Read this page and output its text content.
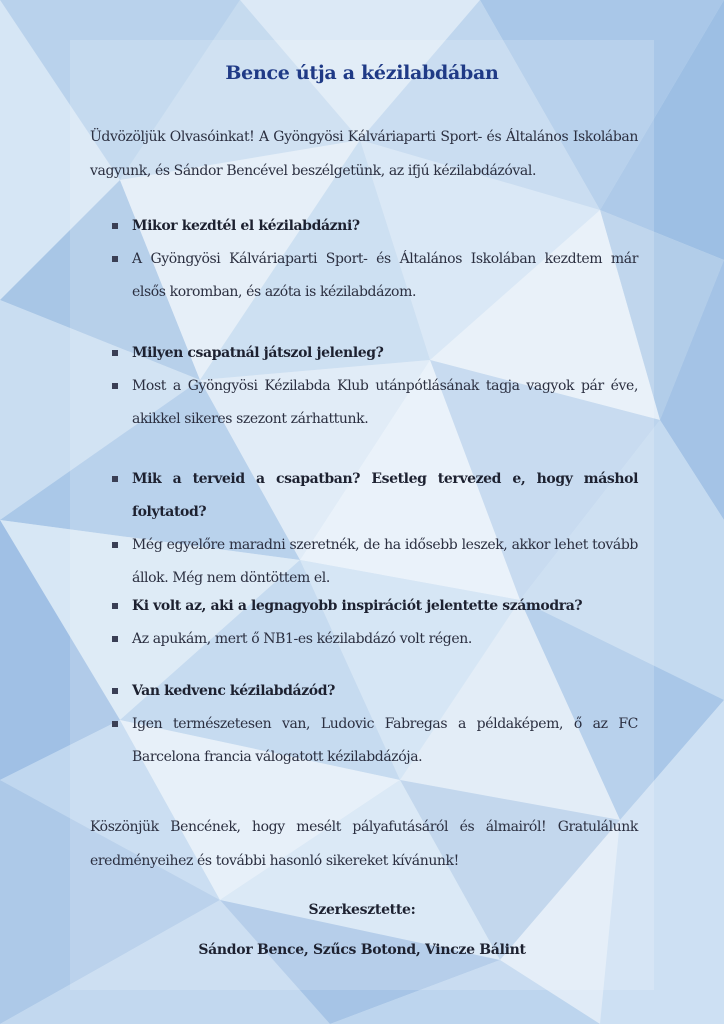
Bence útja a kézilabdában
Üdvözöljük Olvasóinkat! A Gyöngyösi Kálváriaparti Sport- és Általános Iskolában vagyunk, és Sándor Bencével beszélgetünk, az ifjú kézilabdázóval.
Mikor kezdtél el kézilabdázni?
A Gyöngyösi Kálváriaparti Sport- és Általános Iskolában kezdtem már elsős koromban, és azóta is kézilabdázom.
Milyen csapatnál játszol jelenleg?
Most a Gyöngyösi Kézilabda Klub utánpótlásának tagja vagyok pár éve, akikkel sikeres szezont zárhattunk.
Mik a terveid a csapatban? Esetleg tervezed e, hogy máshol folytatod?
Még egyelőre maradni szeretnék, de ha idősebb leszek, akkor lehet tovább állok. Még nem döntöttem el.
Ki volt az, aki a legnagyobb inspirációt jelentette számodra?
Az apukám, mert ő NB1-es kézilabdázó volt régen.
Van kedvenc kézilabdázód?
Igen természetesen van, Ludovic Fabregas a példaképem, ő az FC Barcelona francia válogatott kézilabdázója.
Köszönjük Bencének, hogy mesélt pályafutásáról és álmairól! Gratulálunk eredményeihez és további hasonló sikereket kívánunk!
Szerkesztette:
Sándor Bence, Szűcs Botond, Vincze Bálint
